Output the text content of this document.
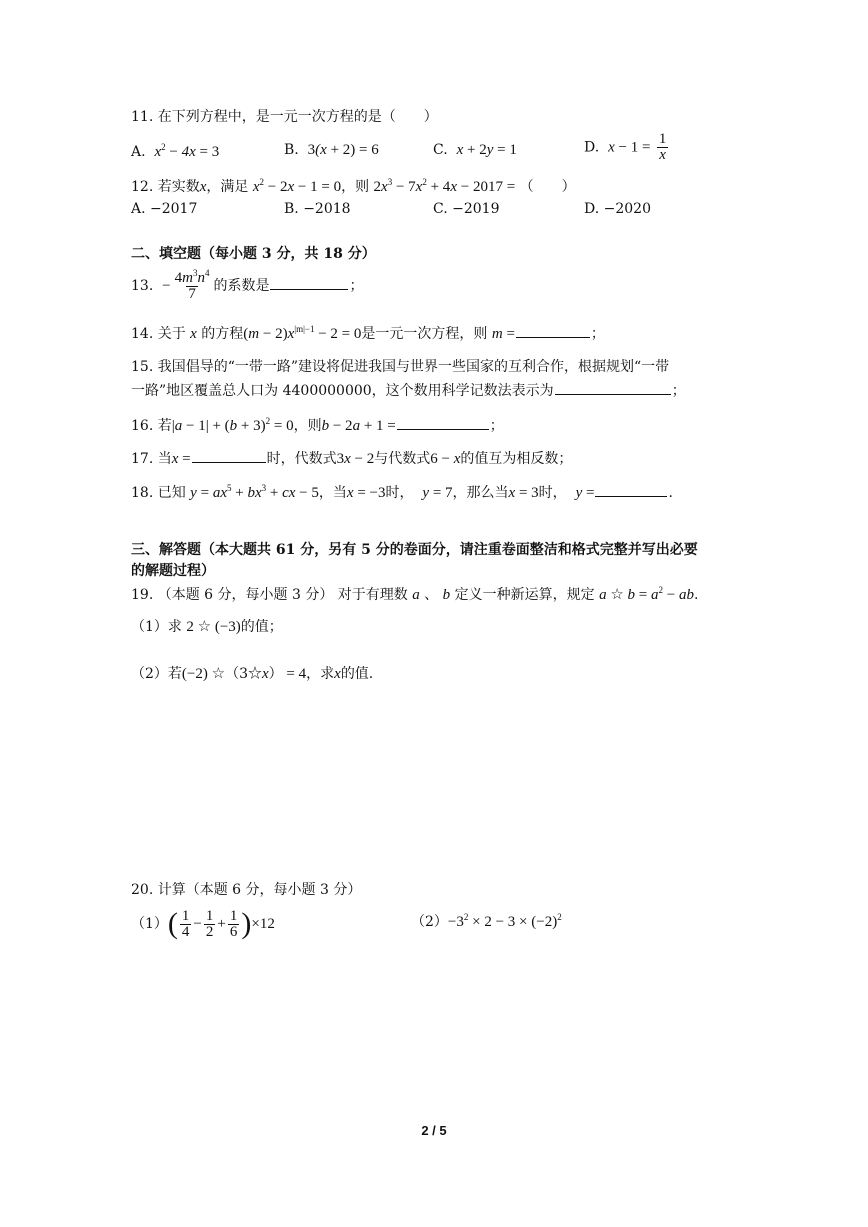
11. 在下列方程中，是一元一次方程的是（　　）
A. $x^2 - 4x = 3$	B. 3(x + 2) = 6	C. x + 2y = 1	D. $x - 1 = \frac{1}{x}$
12. 若实数x，满足 $x^2 - 2x - 1 = 0$，则 $2x^3 - 7x^2 + 4x - 2017$ = （　　）
A. −2017	B. −2018	C. −2019	D. −2020
二、填空题（每小题 3 分，共 18 分）
13. − $\frac{4m^3n^4}{7}$ 的系数是	；
14. 关于 x 的方程$(m - 2)x^{|m|-1} - 2 = 0$是一元一次方程，则 m =	；
15. 我国倡导的“一带一路”建设将促进我国与世界一些国家的互利合作，根据规划“一带
一路”地区覆盖总人口为 4400000000，这个数用科学记数法表示为	；
16. 若$|a - 1| + (b + 3)^2 = 0$，则b − 2a + 1 =	；
17. 当x =	时，代数式3x − 2与代数式6 − x的值互为相反数；
18. 已知 $y = ax^5 + bx^3$ + cx − 5，当x = −3时， y = 7，那么当x = 3时， y =	.
三、解答题（本大题共 61 分，另有 5 分的卷面分，请注重卷面整洁和格式完整并写出必要
的解题过程）
19. （本题 6 分，每小题 3 分） 对于有理数 a 、 b 定义一种新运算，规定 a ☆ $b = a^2$ − ab.
（1）求 2 ☆ (−3)的值；
（2）若(−2) ☆（3☆x） = 4，求x的值.
20. 计算（本题 6 分，每小题 3 分）
$(1)( \frac{1}{4} - \frac{1}{2} + \frac{1}{6} )\times 12$	$(2)-3^2 \times 2 - 3 \times (-2)^2$
2 / 5
